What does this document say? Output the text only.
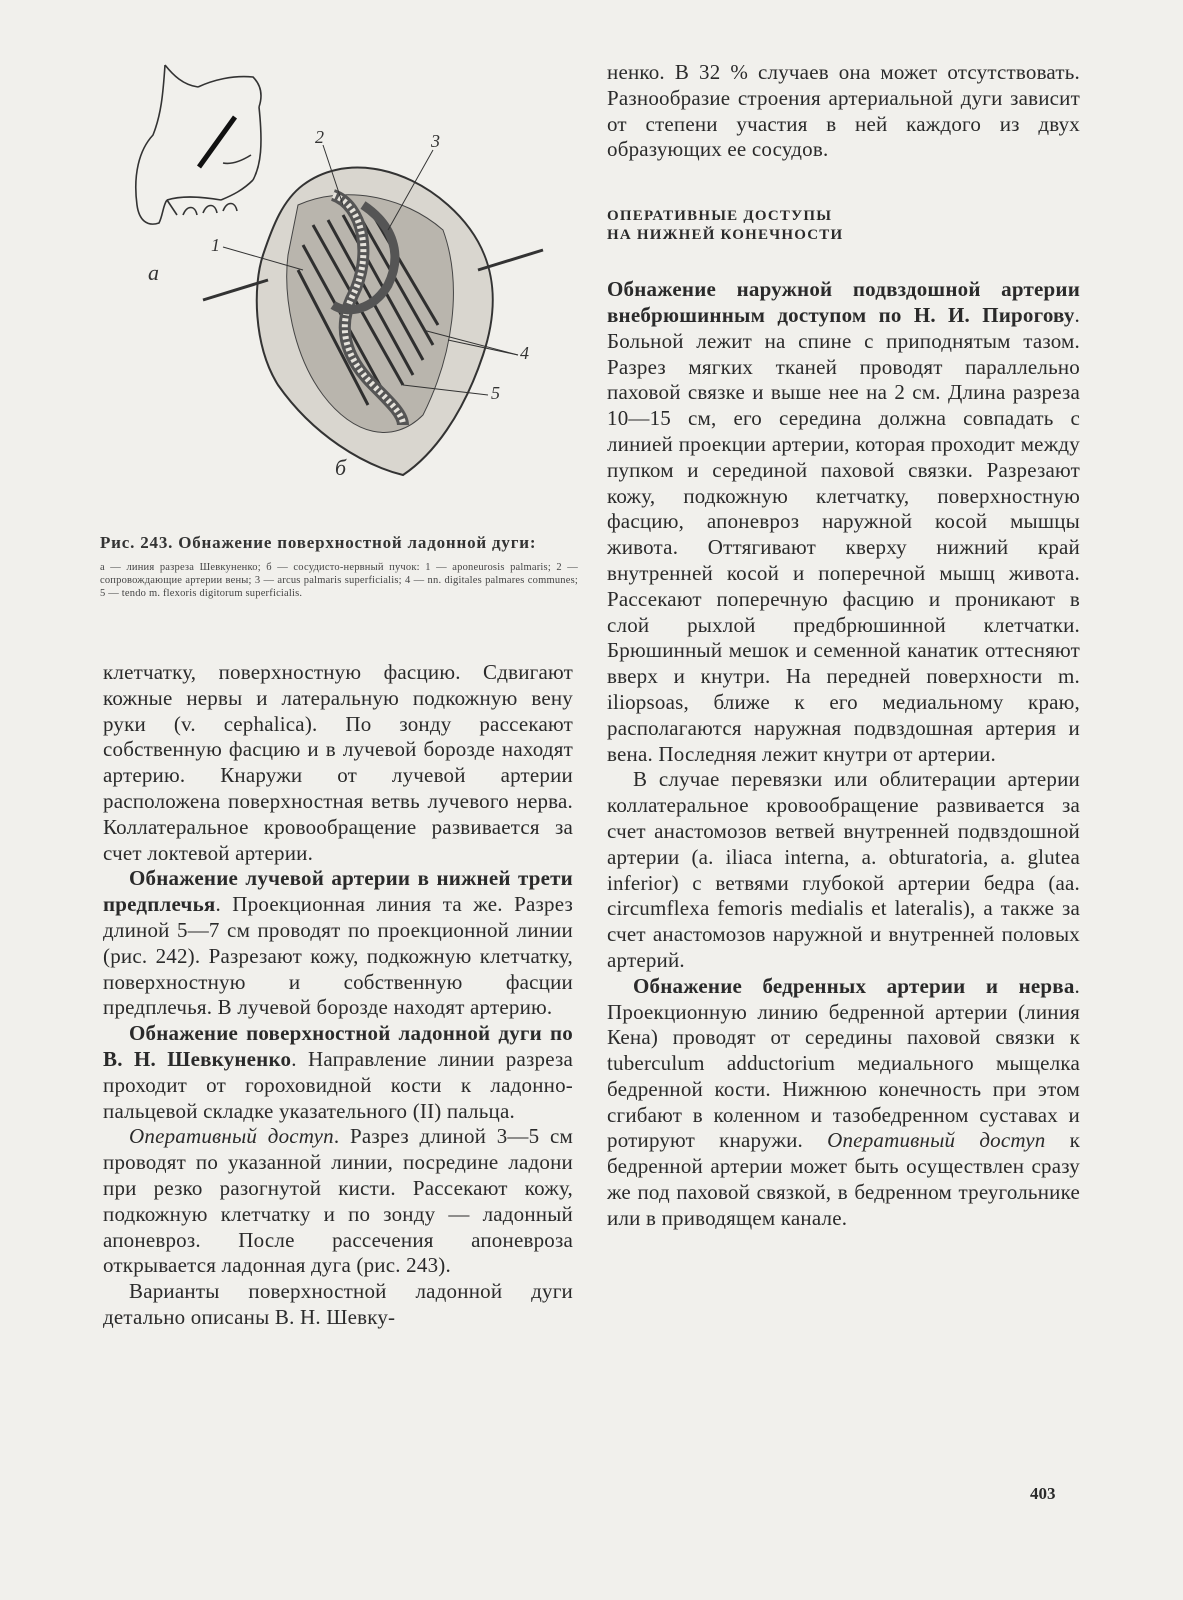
а
б
1
2	3
4
5

Рис. 243. Обнажение поверхностной ладонной дуги:

а — линия разреза Шевкуненко; б — сосудисто-нервный пучок: 1 — aponeurosis palmaris; 2 — сопровождающие артерии вены; 3 — arcus palmaris superficialis; 4 — nn. digitales palmares communes; 5 — tendo m. flexoris digitorum superficialis.

клетчатку, поверхностную фасцию. Сдвигают кожные нервы и латеральную подкожную вену руки (v. cephalica). По зонду рассекают собственную фасцию и в лучевой борозде находят артерию. Кнаружи от лучевой артерии расположена поверхностная ветвь лучевого нерва. Коллатеральное кровообращение развивается за счет локтевой артерии.

Обнажение лучевой артерии в нижней трети предплечья. Проекционная линия та же. Разрез длиной 5—7 см проводят по проекционной линии (рис. 242). Разрезают кожу, подкожную клетчатку, поверхностную и собственную фасции предплечья. В лучевой борозде находят артерию.

Обнажение поверхностной ладонной дуги по В. Н. Шевкуненко. Направление линии разреза проходит от гороховидной кости к ладонно-пальцевой складке указательного (II) пальца.

Оперативный доступ. Разрез длиной 3—5 см проводят по указанной линии, посредине ладони при резко разогнутой кисти. Рассекают кожу, подкожную клетчатку и по зонду — ладонный апоневроз. После рассечения апоневроза открывается ладонная дуга (рис. 243).

Варианты поверхностной ладонной дуги детально описаны В. Н. Шевку-

ненко. В 32 % случаев она может отсутствовать. Разнообразие строения артериальной дуги зависит от степени участия в ней каждого из двух образующих ее сосудов.

ОПЕРАТИВНЫЕ ДОСТУПЫ
НА НИЖНЕЙ КОНЕЧНОСТИ

Обнажение наружной подвздошной артерии внебрюшинным доступом по Н. И. Пирогову. Больной лежит на спине с приподнятым тазом. Разрез мягких тканей проводят параллельно паховой связке и выше нее на 2 см. Длина разреза 10—15 см, его середина должна совпадать с линией проекции артерии, которая проходит между пупком и серединой паховой связки. Разрезают кожу, подкожную клетчатку, поверхностную фасцию, апоневроз наружной косой мышцы живота. Оттягивают кверху нижний край внутренней косой и поперечной мышц живота. Рассекают поперечную фасцию и проникают в слой рыхлой предбрюшинной клетчатки. Брюшинный мешок и семенной канатик оттесняют вверх и кнутри. На передней поверхности m. iliopsoas, ближе к его медиальному краю, располагаются наружная подвздошная артерия и вена. Последняя лежит кнутри от артерии.

В случае перевязки или облитерации артерии коллатеральное кровообращение развивается за счет анастомозов ветвей внутренней подвздошной артерии (a. iliaca interna, a. obturatoria, a. glutea inferior) с ветвями глубокой артерии бедра (aa. circumflexa femoris medialis et lateralis), а также за счет анастомозов наружной и внутренней половых артерий.

Обнажение бедренных артерии и нерва. Проекционную линию бедренной артерии (линия Кена) проводят от середины паховой связки к tuberculum adductorium медиального мыщелка бедренной кости. Нижнюю конечность при этом сгибают в коленном и тазобедренном суставах и ротируют кнаружи. Оперативный доступ к бедренной артерии может быть осуществлен сразу же под паховой связкой, в бедренном треугольнике или в приводящем канале.

403
